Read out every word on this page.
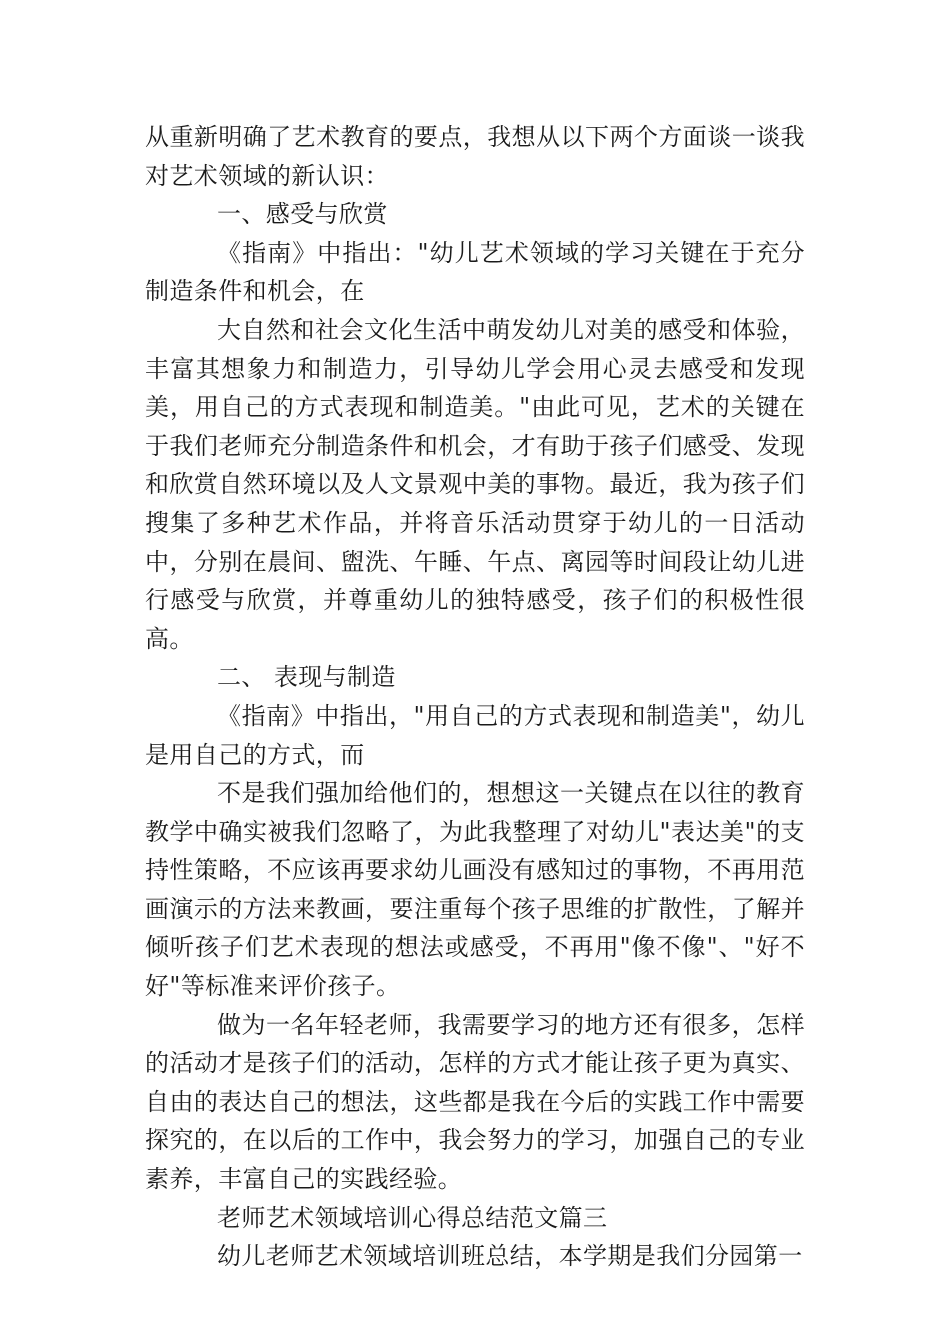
从重新明确了艺术教育的要点，我想从以下两个方面谈一谈我对艺术领域的新认识：

一、感受与欣赏

《指南》中指出："幼儿艺术领域的学习关键在于充分制造条件和机会，在

大自然和社会文化生活中萌发幼儿对美的感受和体验，丰富其想象力和制造力，引导幼儿学会用心灵去感受和发现美，用自己的方式表现和制造美。"由此可见，艺术的关键在于我们老师充分制造条件和机会，才有助于孩子们感受、发现和欣赏自然环境以及人文景观中美的事物。最近，我为孩子们搜集了多种艺术作品，并将音乐活动贯穿于幼儿的一日活动中，分别在晨间、盥洗、午睡、午点、离园等时间段让幼儿进行感受与欣赏，并尊重幼儿的独特感受，孩子们的积极性很高。

二、 表现与制造

《指南》中指出，"用自己的方式表现和制造美"，幼儿是用自己的方式，而

不是我们强加给他们的，想想这一关键点在以往的教育教学中确实被我们忽略了，为此我整理了对幼儿"表达美"的支持性策略，不应该再要求幼儿画没有感知过的事物，不再用范画演示的方法来教画，要注重每个孩子思维的扩散性，了解并倾听孩子们艺术表现的想法或感受，不再用"像不像"、"好不好"等标准来评价孩子。

做为一名年轻老师，我需要学习的地方还有很多，怎样的活动才是孩子们的活动，怎样的方式才能让孩子更为真实、自由的表达自己的想法，这些都是我在今后的实践工作中需要探究的，在以后的工作中，我会努力的学习，加强自己的专业素养，丰富自己的实践经验。

老师艺术领域培训心得总结范文篇三

幼儿老师艺术领域培训班总结，本学期是我们分园第一
